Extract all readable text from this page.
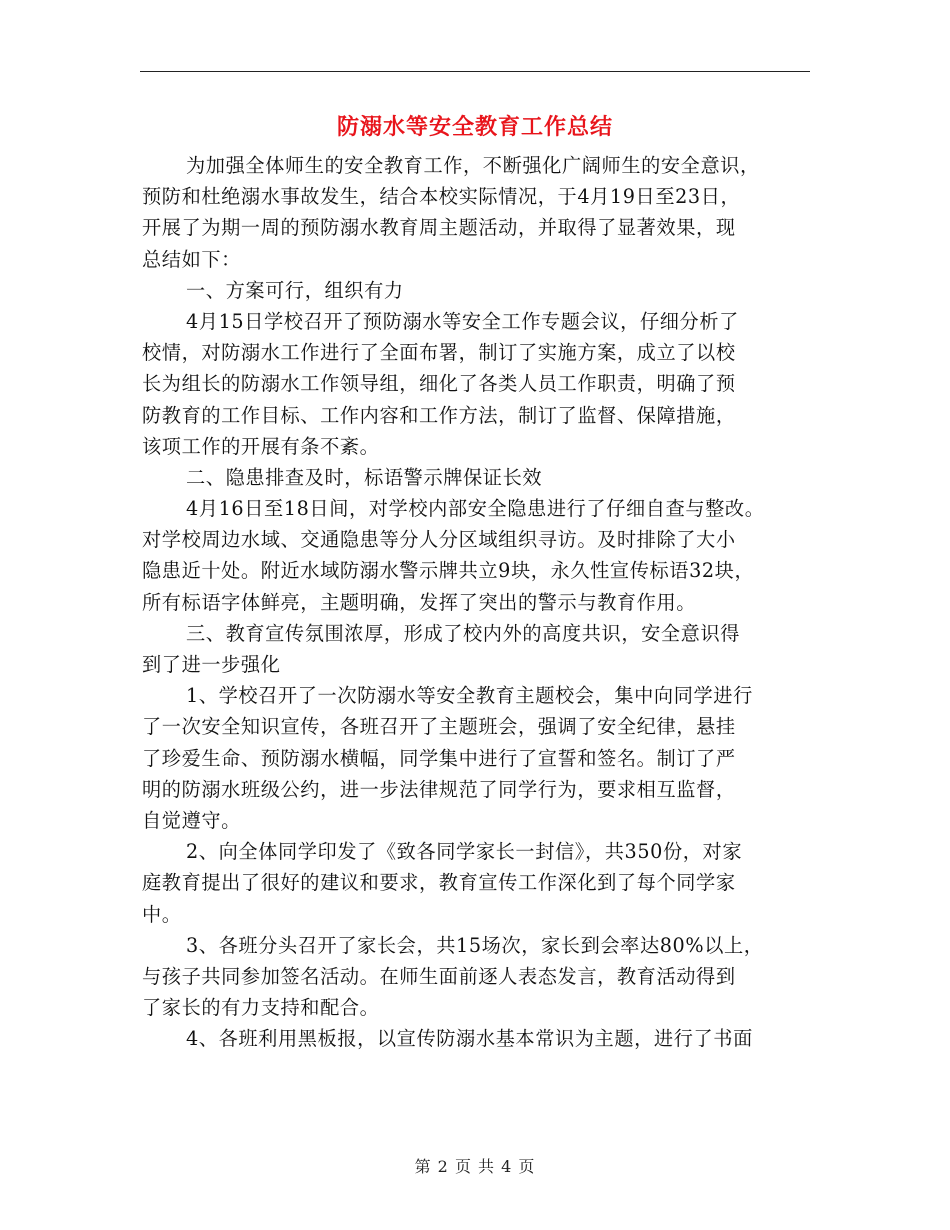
防溺水等安全教育工作总结
为加强全体师生的安全教育工作，不断强化广阔师生的安全意识，
预防和杜绝溺水事故发生，结合本校实际情况，于4月19日至23日，
开展了为期一周的预防溺水教育周主题活动，并取得了显著效果，现
总结如下：
一、方案可行，组织有力
4月15日学校召开了预防溺水等安全工作专题会议，仔细分析了
校情，对防溺水工作进行了全面布署，制订了实施方案，成立了以校
长为组长的防溺水工作领导组，细化了各类人员工作职责，明确了预
防教育的工作目标、工作内容和工作方法，制订了监督、保障措施，
该项工作的开展有条不紊。
二、隐患排查及时，标语警示牌保证长效
4月16日至18日间，对学校内部安全隐患进行了仔细自查与整改。
对学校周边水域、交通隐患等分人分区域组织寻访。及时排除了大小
隐患近十处。附近水域防溺水警示牌共立9块，永久性宣传标语32块，
所有标语字体鲜亮，主题明确，发挥了突出的警示与教育作用。
三、教育宣传氛围浓厚，形成了校内外的高度共识，安全意识得
到了进一步强化
1、学校召开了一次防溺水等安全教育主题校会，集中向同学进行
了一次安全知识宣传，各班召开了主题班会，强调了安全纪律，悬挂
了珍爱生命、预防溺水横幅，同学集中进行了宣誓和签名。制订了严
明的防溺水班级公约，进一步法律规范了同学行为，要求相互监督，
自觉遵守。
2、向全体同学印发了《致各同学家长一封信》，共350份，对家
庭教育提出了很好的建议和要求，教育宣传工作深化到了每个同学家
中。
3、各班分头召开了家长会，共15场次，家长到会率达80%以上，
与孩子共同参加签名活动。在师生面前逐人表态发言，教育活动得到
了家长的有力支持和配合。
4、各班利用黑板报，以宣传防溺水基本常识为主题，进行了书面
第 2 页 共 4 页
